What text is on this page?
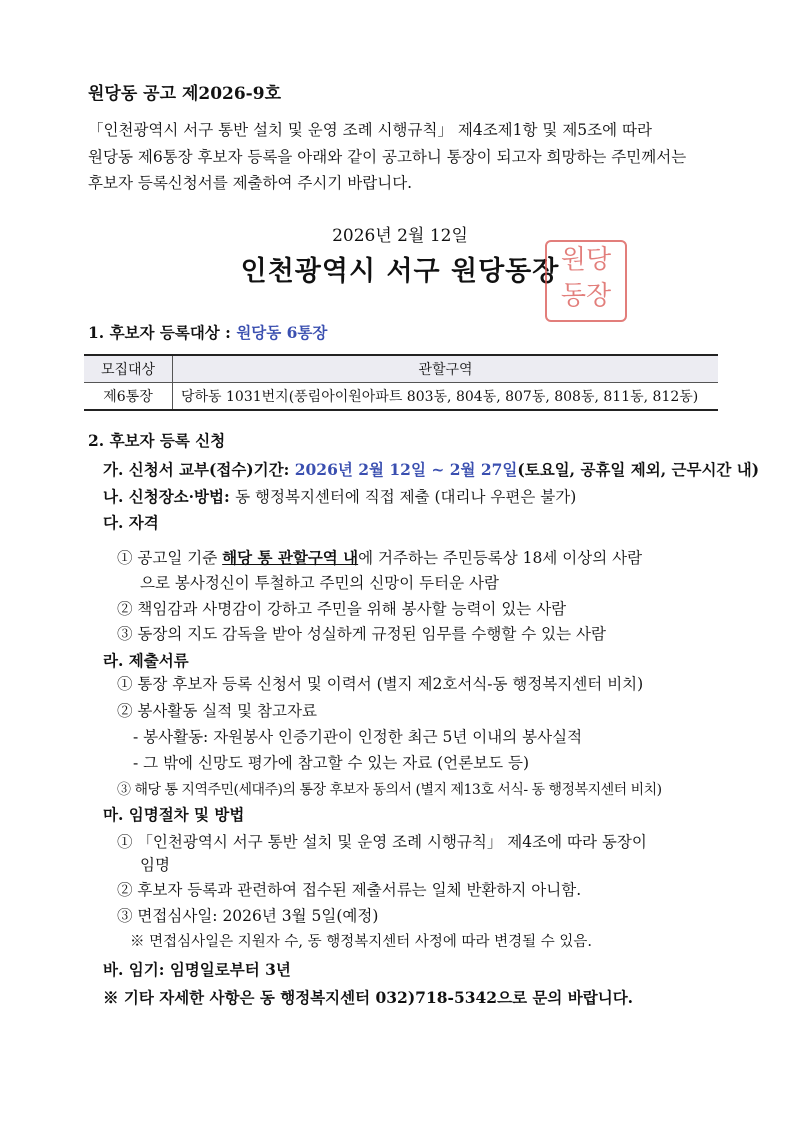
원당동 공고 제2026-9호
「인천광역시 서구 통반 설치 및 운영 조례 시행규칙」 제4조제1항 및 제5조에 따라
원당동 제6통장 후보자 등록을 아래와 같이 공고하니 통장이 되고자 희망하는 주민께서는
후보자 등록신청서를 제출하여 주시기 바랍니다.
2026년 2월 12일
인천광역시 서구 원당동장 원당
동장
1. 후보자 등록대상 : 원당동 6통장
모집대상	관할구역
제6통장	당하동 1031번지(풍림아이원아파트 803동, 804동, 807동, 808동, 811동, 812동)
2. 후보자 등록 신청
가. 신청서 교부(접수)기간: 2026년 2월 12일 ~ 2월 27일(토요일, 공휴일 제외, 근무시간 내)
나. 신청장소·방법: 동 행정복지센터에 직접 제출 (대리나 우편은 불가)
다. 자격
① 공고일 기준 해당 통 관할구역 내에 거주하는 주민등록상 18세 이상의 사람
으로 봉사정신이 투철하고 주민의 신망이 두터운 사람
② 책임감과 사명감이 강하고 주민을 위해 봉사할 능력이 있는 사람
③ 동장의 지도 감독을 받아 성실하게 규정된 임무를 수행할 수 있는 사람
라. 제출서류
① 통장 후보자 등록 신청서 및 이력서 (별지 제2호서식-동 행정복지센터 비치)
② 봉사활동 실적 및 참고자료
- 봉사활동: 자원봉사 인증기관이 인정한 최근 5년 이내의 봉사실적
- 그 밖에 신망도 평가에 참고할 수 있는 자료 (언론보도 등)
③ 해당 통 지역주민(세대주)의 통장 후보자 동의서 (별지 제13호 서식- 동 행정복지센터 비치)
마. 임명절차 및 방법
① 「인천광역시 서구 통반 설치 및 운영 조례 시행규칙」 제4조에 따라 동장이
임명
② 후보자 등록과 관련하여 접수된 제출서류는 일체 반환하지 아니함.
③ 면접심사일: 2026년 3월 5일(예정)
※ 면접심사일은 지원자 수, 동 행정복지센터 사정에 따라 변경될 수 있음.
바. 임기: 임명일로부터 3년
※ 기타 자세한 사항은 동 행정복지센터 032)718-5342으로 문의 바랍니다.
